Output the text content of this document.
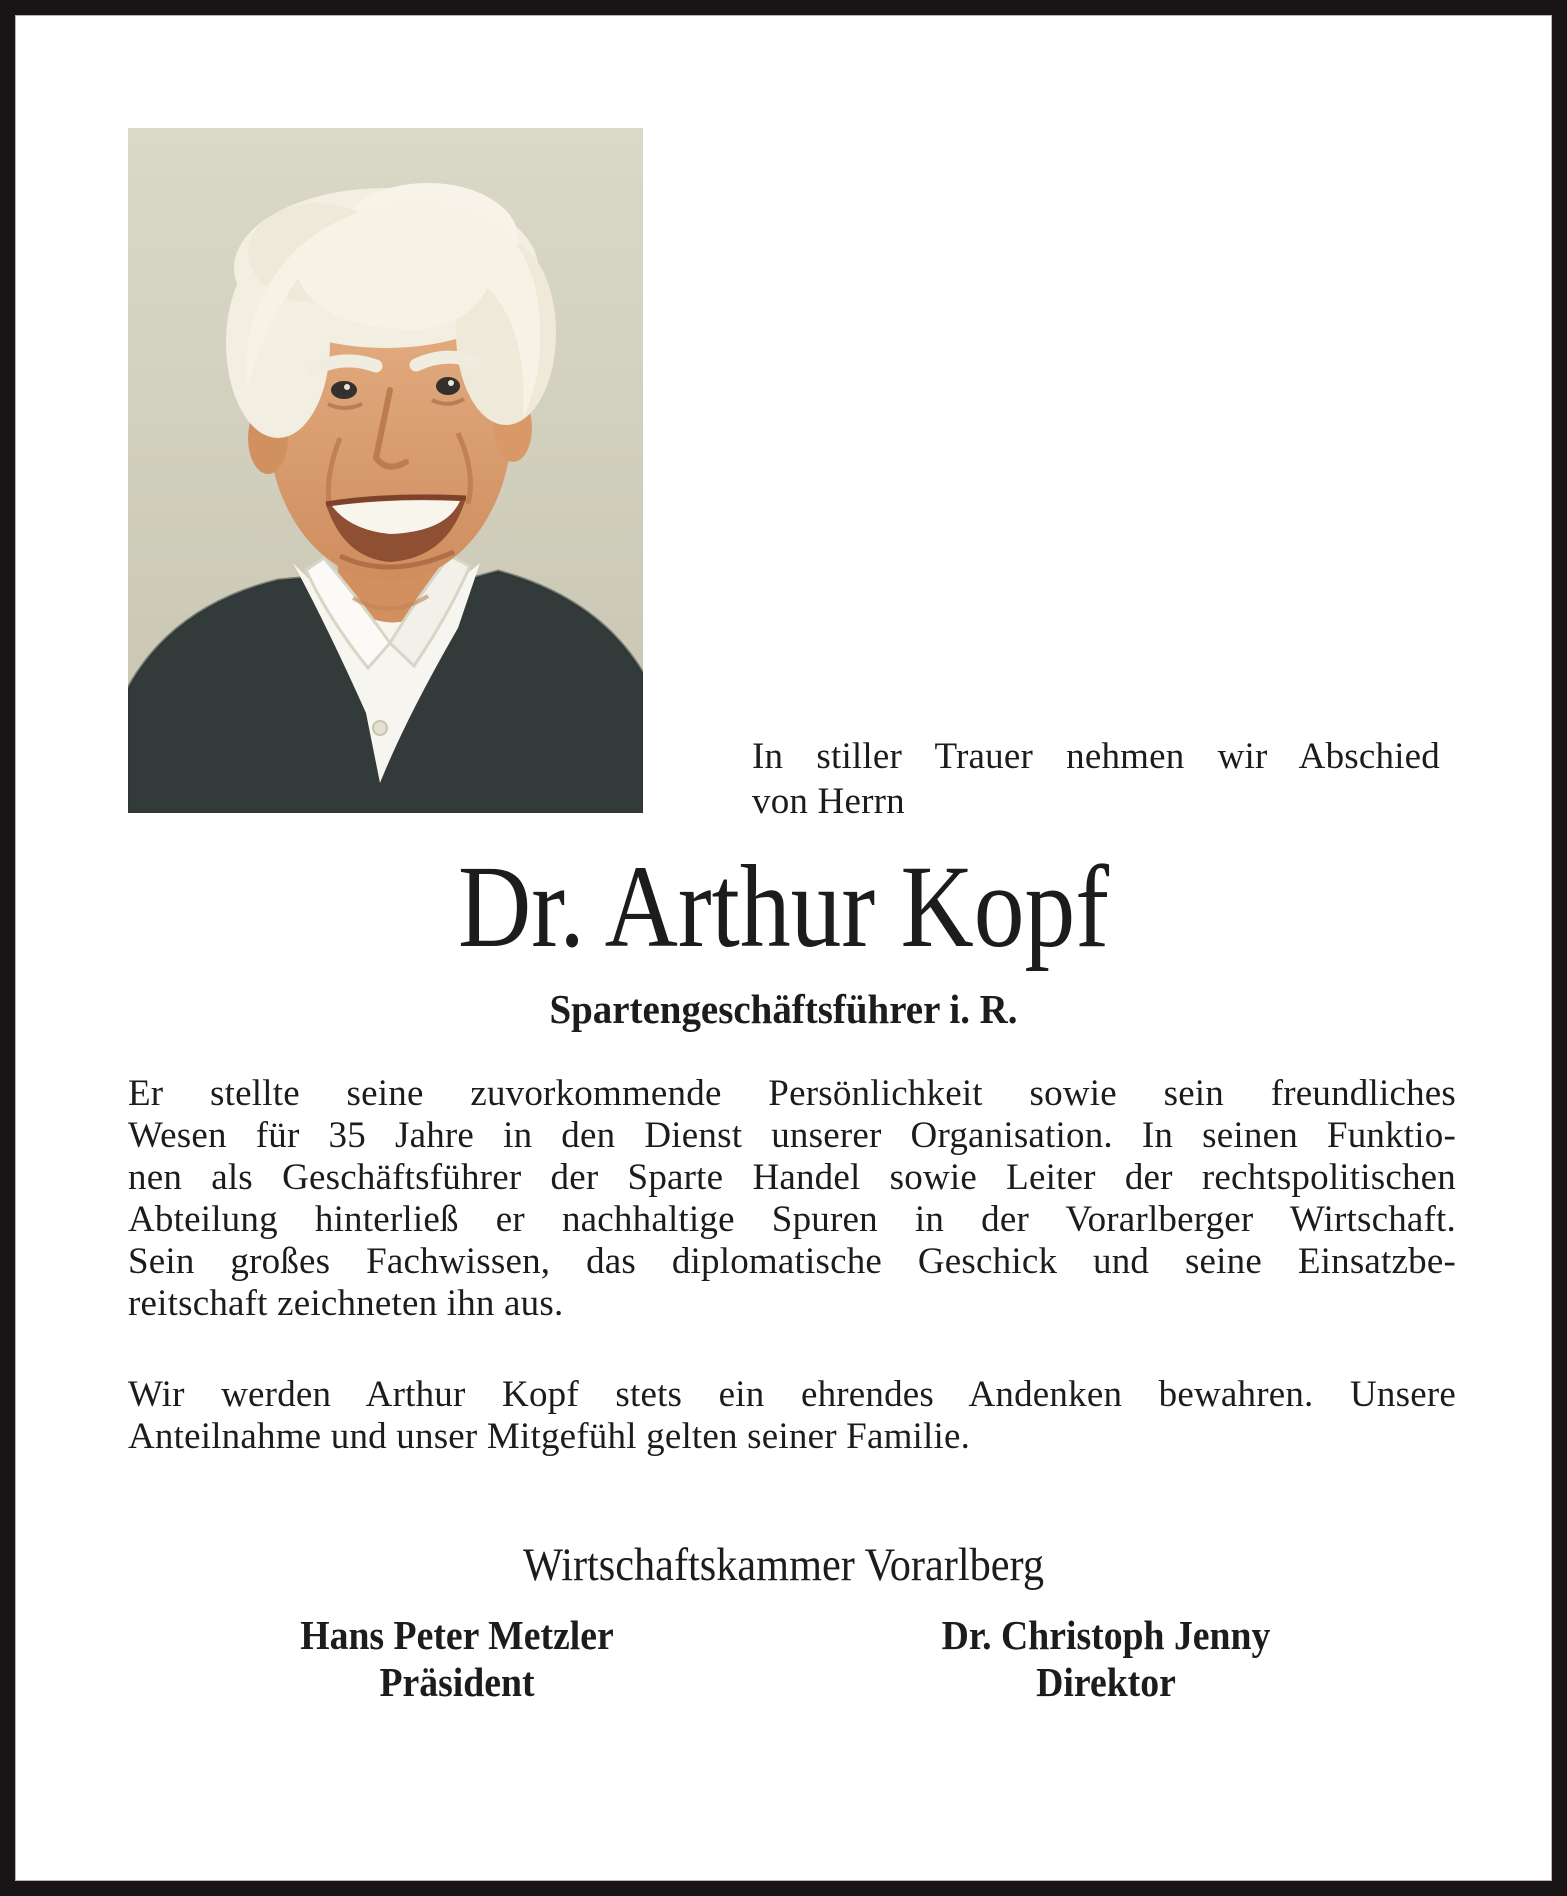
In stiller Trauer nehmen wir Abschied
von Herrn
Dr. Arthur Kopf
Spartengeschäftsführer i. R.
Er stellte seine zuvorkommende Persönlichkeit sowie sein freundliches
Wesen für 35 Jahre in den Dienst unserer Organisation. In seinen Funktio-
nen als Geschäftsführer der Sparte Handel sowie Leiter der rechtspolitischen
Abteilung hinterließ er nachhaltige Spuren in der Vorarlberger Wirtschaft.
Sein großes Fachwissen, das diplomatische Geschick und seine Einsatzbe-
reitschaft zeichneten ihn aus.
Wir werden Arthur Kopf stets ein ehrendes Andenken bewahren. Unsere
Anteilnahme und unser Mitgefühl gelten seiner Familie.
Wirtschaftskammer Vorarlberg
Hans Peter Metzler
Präsident
Dr. Christoph Jenny
Direktor
